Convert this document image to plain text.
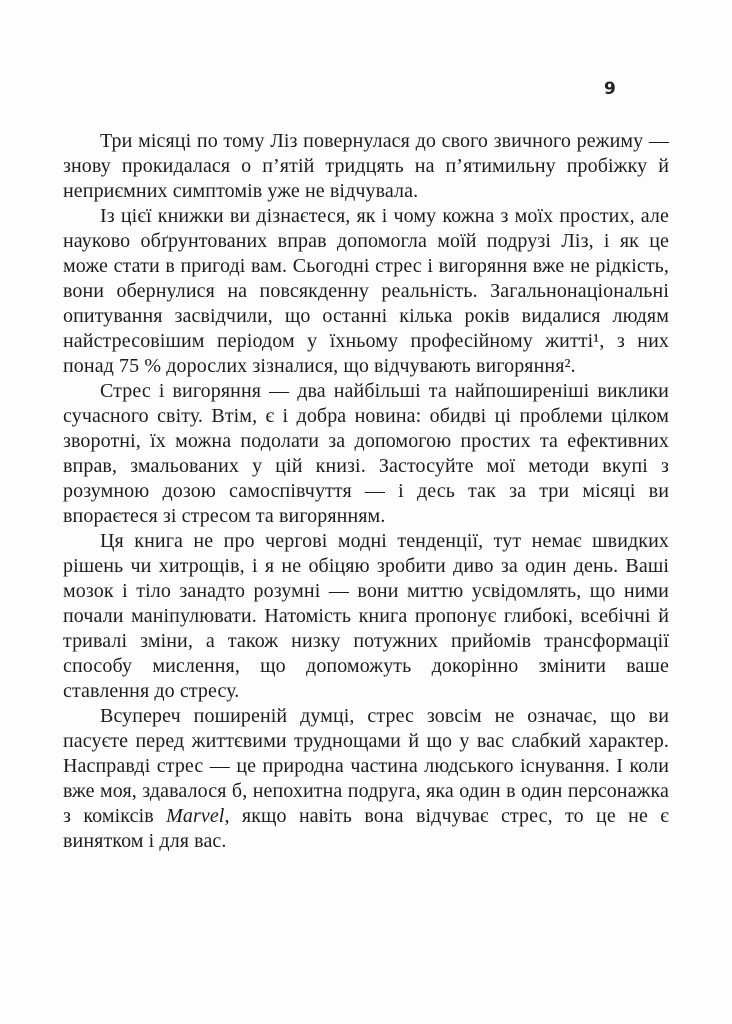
9

Три місяці по тому Ліз повернулася до свого звичного режиму — знову прокидалася о п’ятій тридцять на п’ятимильну пробіжку й неприємних симптомів уже не відчувала.

Із цієї книжки ви дізнаєтеся, як і чому кожна з моїх простих, але науково обґрунтованих вправ допомогла моїй подрузі Ліз, і як це може стати в пригоді вам. Сьогодні стрес і вигоряння вже не рідкість, вони обернулися на повсякденну реальність. Загальнонаціональні опитування засвідчили, що останні кілька років видалися людям найстресовішим періодом у їхньому професійному житті¹, з них понад 75 % дорослих зізналися, що відчувають вигоряння².

Стрес і вигоряння — два найбільші та найпоширеніші виклики сучасного світу. Втім, є і добра новина: обидві ці проблеми цілком зворотні, їх можна подолати за допомогою простих та ефективних вправ, змальованих у цій книзі. Застосуйте мої методи вкупі з розумною дозою самоспівчуття — і десь так за три місяці ви впораєтеся зі стресом та вигорянням.

Ця книга не про чергові модні тенденції, тут немає швидких рішень чи хитрощів, і я не обіцяю зробити диво за один день. Ваші мозок і тіло занадто розумні — вони миттю усвідомлять, що ними почали маніпулювати. Натомість книга пропонує глибокі, всебічні й тривалі зміни, а також низку потужних прийомів трансформації способу мислення, що допоможуть докорінно змінити ваше ставлення до стресу.

Всупереч поширеній думці, стрес зовсім не означає, що ви пасуєте перед життєвими труднощами й що у вас слабкий характер. Насправді стрес — це природна частина людського існування. І коли вже моя, здавалося б, непохитна подруга, яка один в один персонажка з коміксів Marvel, якщо навіть вона відчуває стрес, то це не є винятком і для вас.
